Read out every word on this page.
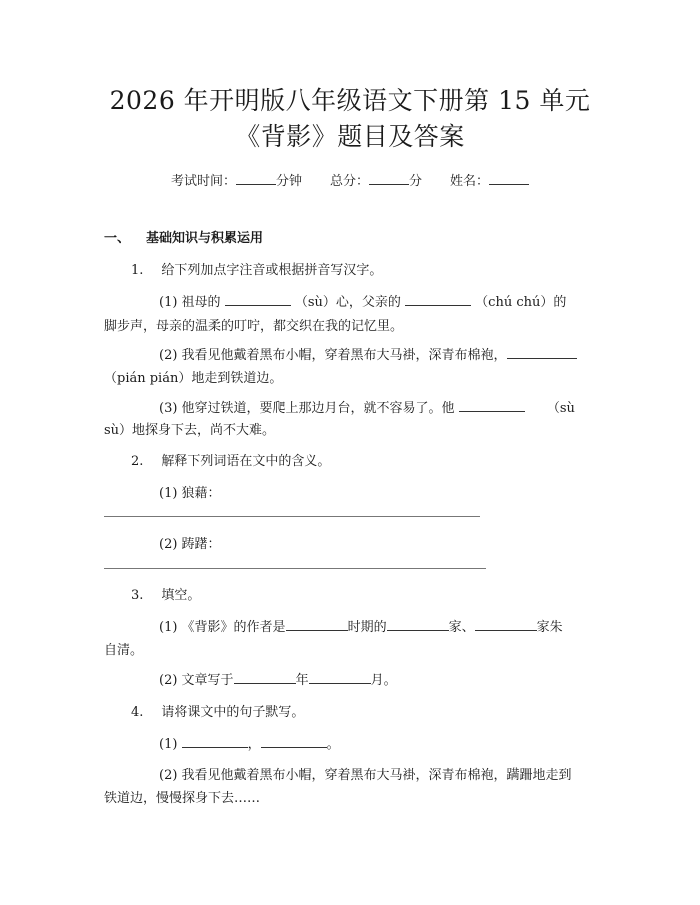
2026 年开明版八年级语文下册第 15 单元
《背影》题目及答案
考试时间：	分钟 总分：	分 姓名：
一、 基础知识与积累运用
1. 给下列加点字注音或根据拼音写汉字。
(1) 祖母的	（sù）心，父亲的	（chú chú）的
脚步声，母亲的温柔的叮咛，都交织在我的记忆里。
(2) 我看见他戴着黑布小帽，穿着黑布大马褂，深青布棉袍，
（pián pián）地走到铁道边。
(3) 他穿过铁道，要爬上那边月台，就不容易了。他	（sù
sù）地探身下去，尚不大难。
2. 解释下列词语在文中的含义。
(1) 狼藉：
(2) 踌躇：
3. 填空。
(1) 《背影》的作者是	时期的	家、	家朱
自清。
(2) 文章写于	年	月。
4. 请将课文中的句子默写。
(1)	，	。
(2) 我看见他戴着黑布小帽，穿着黑布大马褂，深青布棉袍，蹒跚地走到
铁道边，慢慢探身下去……
